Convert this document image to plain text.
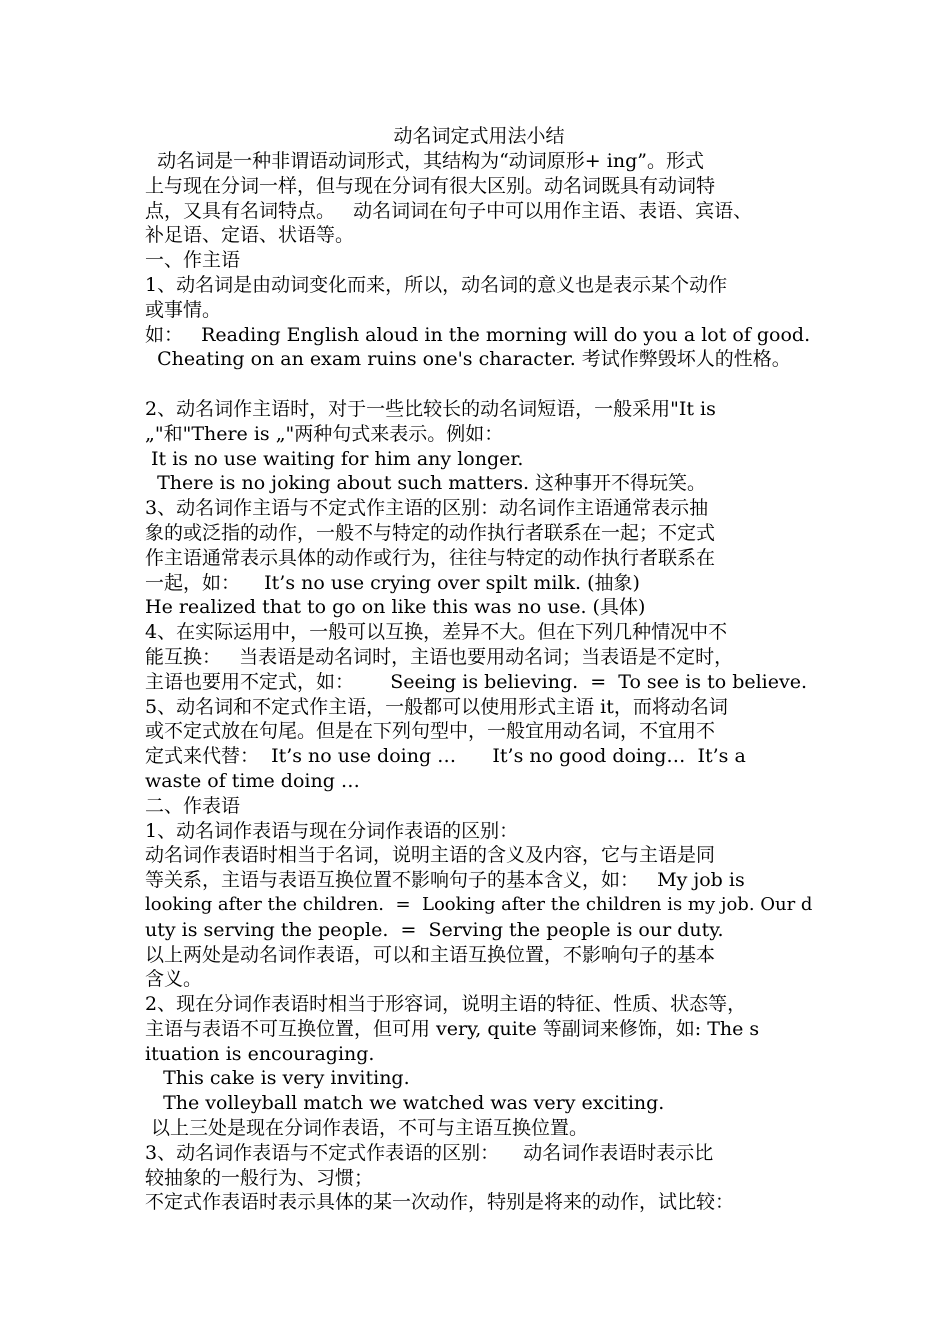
动名词定式用法小结
动名词是一种非谓语动词形式，其结构为“动词原形+ ing”。形式
上与现在分词一样，但与现在分词有很大区别。动名词既具有动词特
点，又具有名词特点。   动名词词在句子中可以用作主语、表语、宾语、
补足语、定语、状语等。
一、作主语
1、动名词是由动词变化而来，所以，动名词的意义也是表示某个动作
或事情。
如：   Reading English aloud in the morning will do you a lot of good.
Cheating on an exam ruins one's character. 考试作弊毁坏人的性格。
2、动名词作主语时，对于一些比较长的动名词短语，一般采用"It is
„"和"There is „"两种句式来表示。例如：
It is no use waiting for him any longer.
There is no joking about such matters. 这种事开不得玩笑。
3、动名词作主语与不定式作主语的区别：动名词作主语通常表示抽
象的或泛指的动作，一般不与特定的动作执行者联系在一起；不定式
作主语通常表示具体的动作或行为，往往与特定的动作执行者联系在
一起，如：    It’s no use crying over spilt milk. (抽象)
He realized that to go on like this was no use. (具体)
4、在实际运用中，一般可以互换，差异不大。但在下列几种情况中不
能互换：   当表语是动名词时，主语也要用动名词；当表语是不定时，
主语也要用不定式，如：      Seeing is believing.  =  To see is to believe.
5、动名词和不定式作主语，一般都可以使用形式主语 it，而将动名词
或不定式放在句尾。但是在下列句型中，一般宜用动名词，不宜用不
定式来代替：  It’s no use doing …      It’s no good doing…  It’s a
waste of time doing …
二、作表语
1、动名词作表语与现在分词作表语的区别：
动名词作表语时相当于名词，说明主语的含义及内容，它与主语是同
等关系，主语与表语互换位置不影响句子的基本含义，如：   My job is
looking after the children.  =  Looking after the children is my job. Our d
uty is serving the people.  =  Serving the people is our duty.
以上两处是动名词作表语，可以和主语互换位置，不影响句子的基本
含义。
2、现在分词作表语时相当于形容词，说明主语的特征、性质、状态等，
主语与表语不可互换位置，但可用 very, quite 等副词来修饰，如: The s
ituation is encouraging.
This cake is very inviting.
The volleyball match we watched was very exciting.
以上三处是现在分词作表语，不可与主语互换位置。
3、动名词作表语与不定式作表语的区别：    动名词作表语时表示比
较抽象的一般行为、习惯；
不定式作表语时表示具体的某一次动作，特别是将来的动作，试比较：
